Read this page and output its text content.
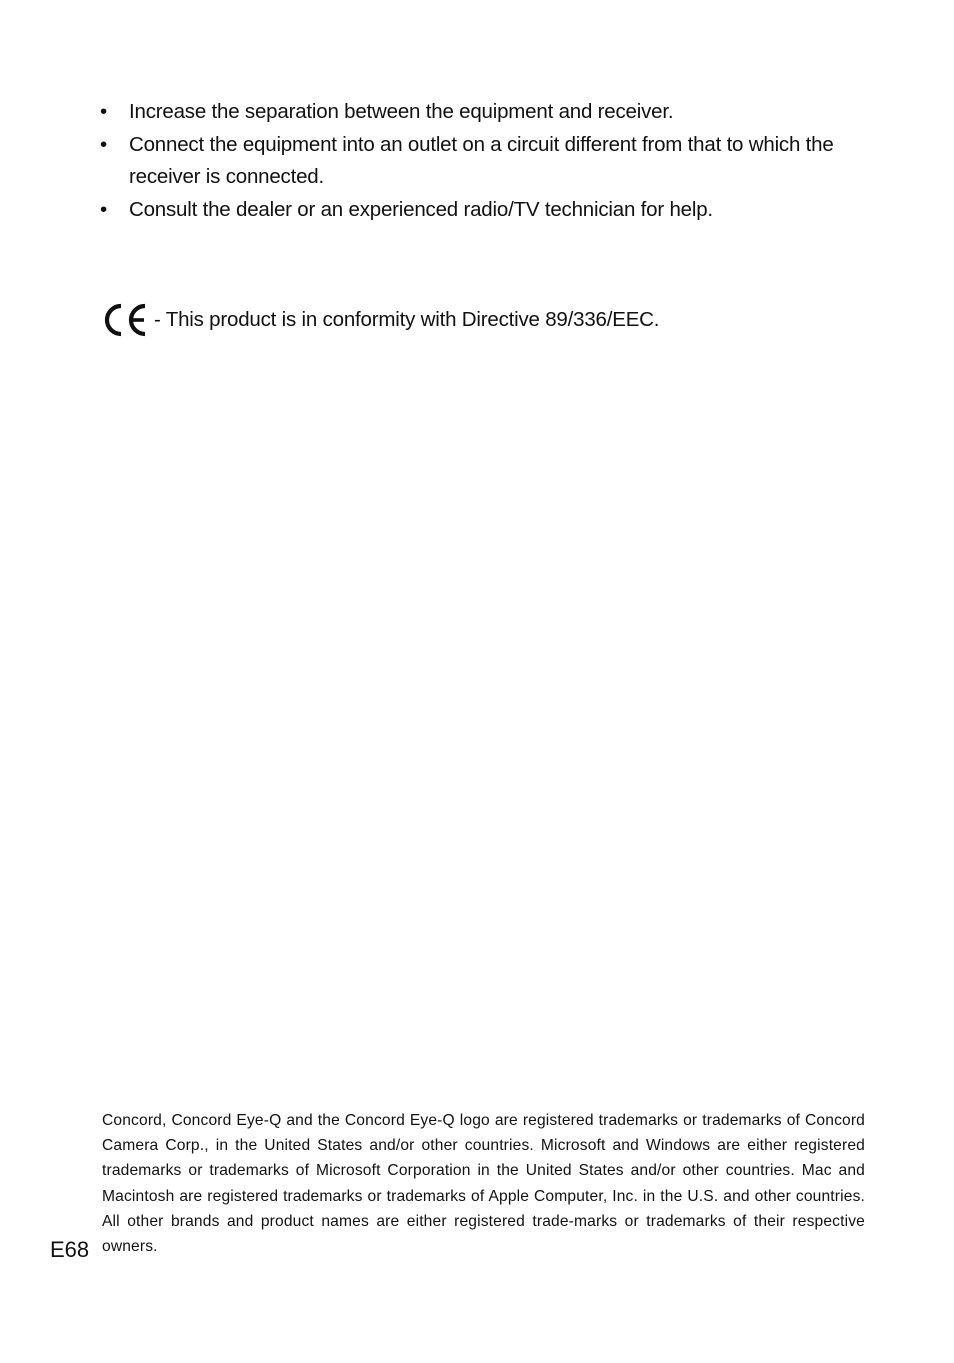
• Increase the separation between the equipment and receiver.
• Connect the equipment into an outlet on a circuit different from that to which the receiver is connected.
• Consult the dealer or an experienced radio/TV technician for help.
- This product is in conformity with Directive 89/336/EEC.

Concord, Concord Eye-Q and the Concord Eye-Q logo are registered trademarks or trademarks of Concord Camera Corp., in the United States and/or other countries. Microsoft and Windows are either registered trademarks or trademarks of Microsoft Corporation in the United States and/or other countries. Mac and Macintosh are registered trademarks or trademarks of Apple Computer, Inc. in the U.S. and other countries. All other brands and product names are either registered trade-marks or trademarks of their respective owners.

E68
